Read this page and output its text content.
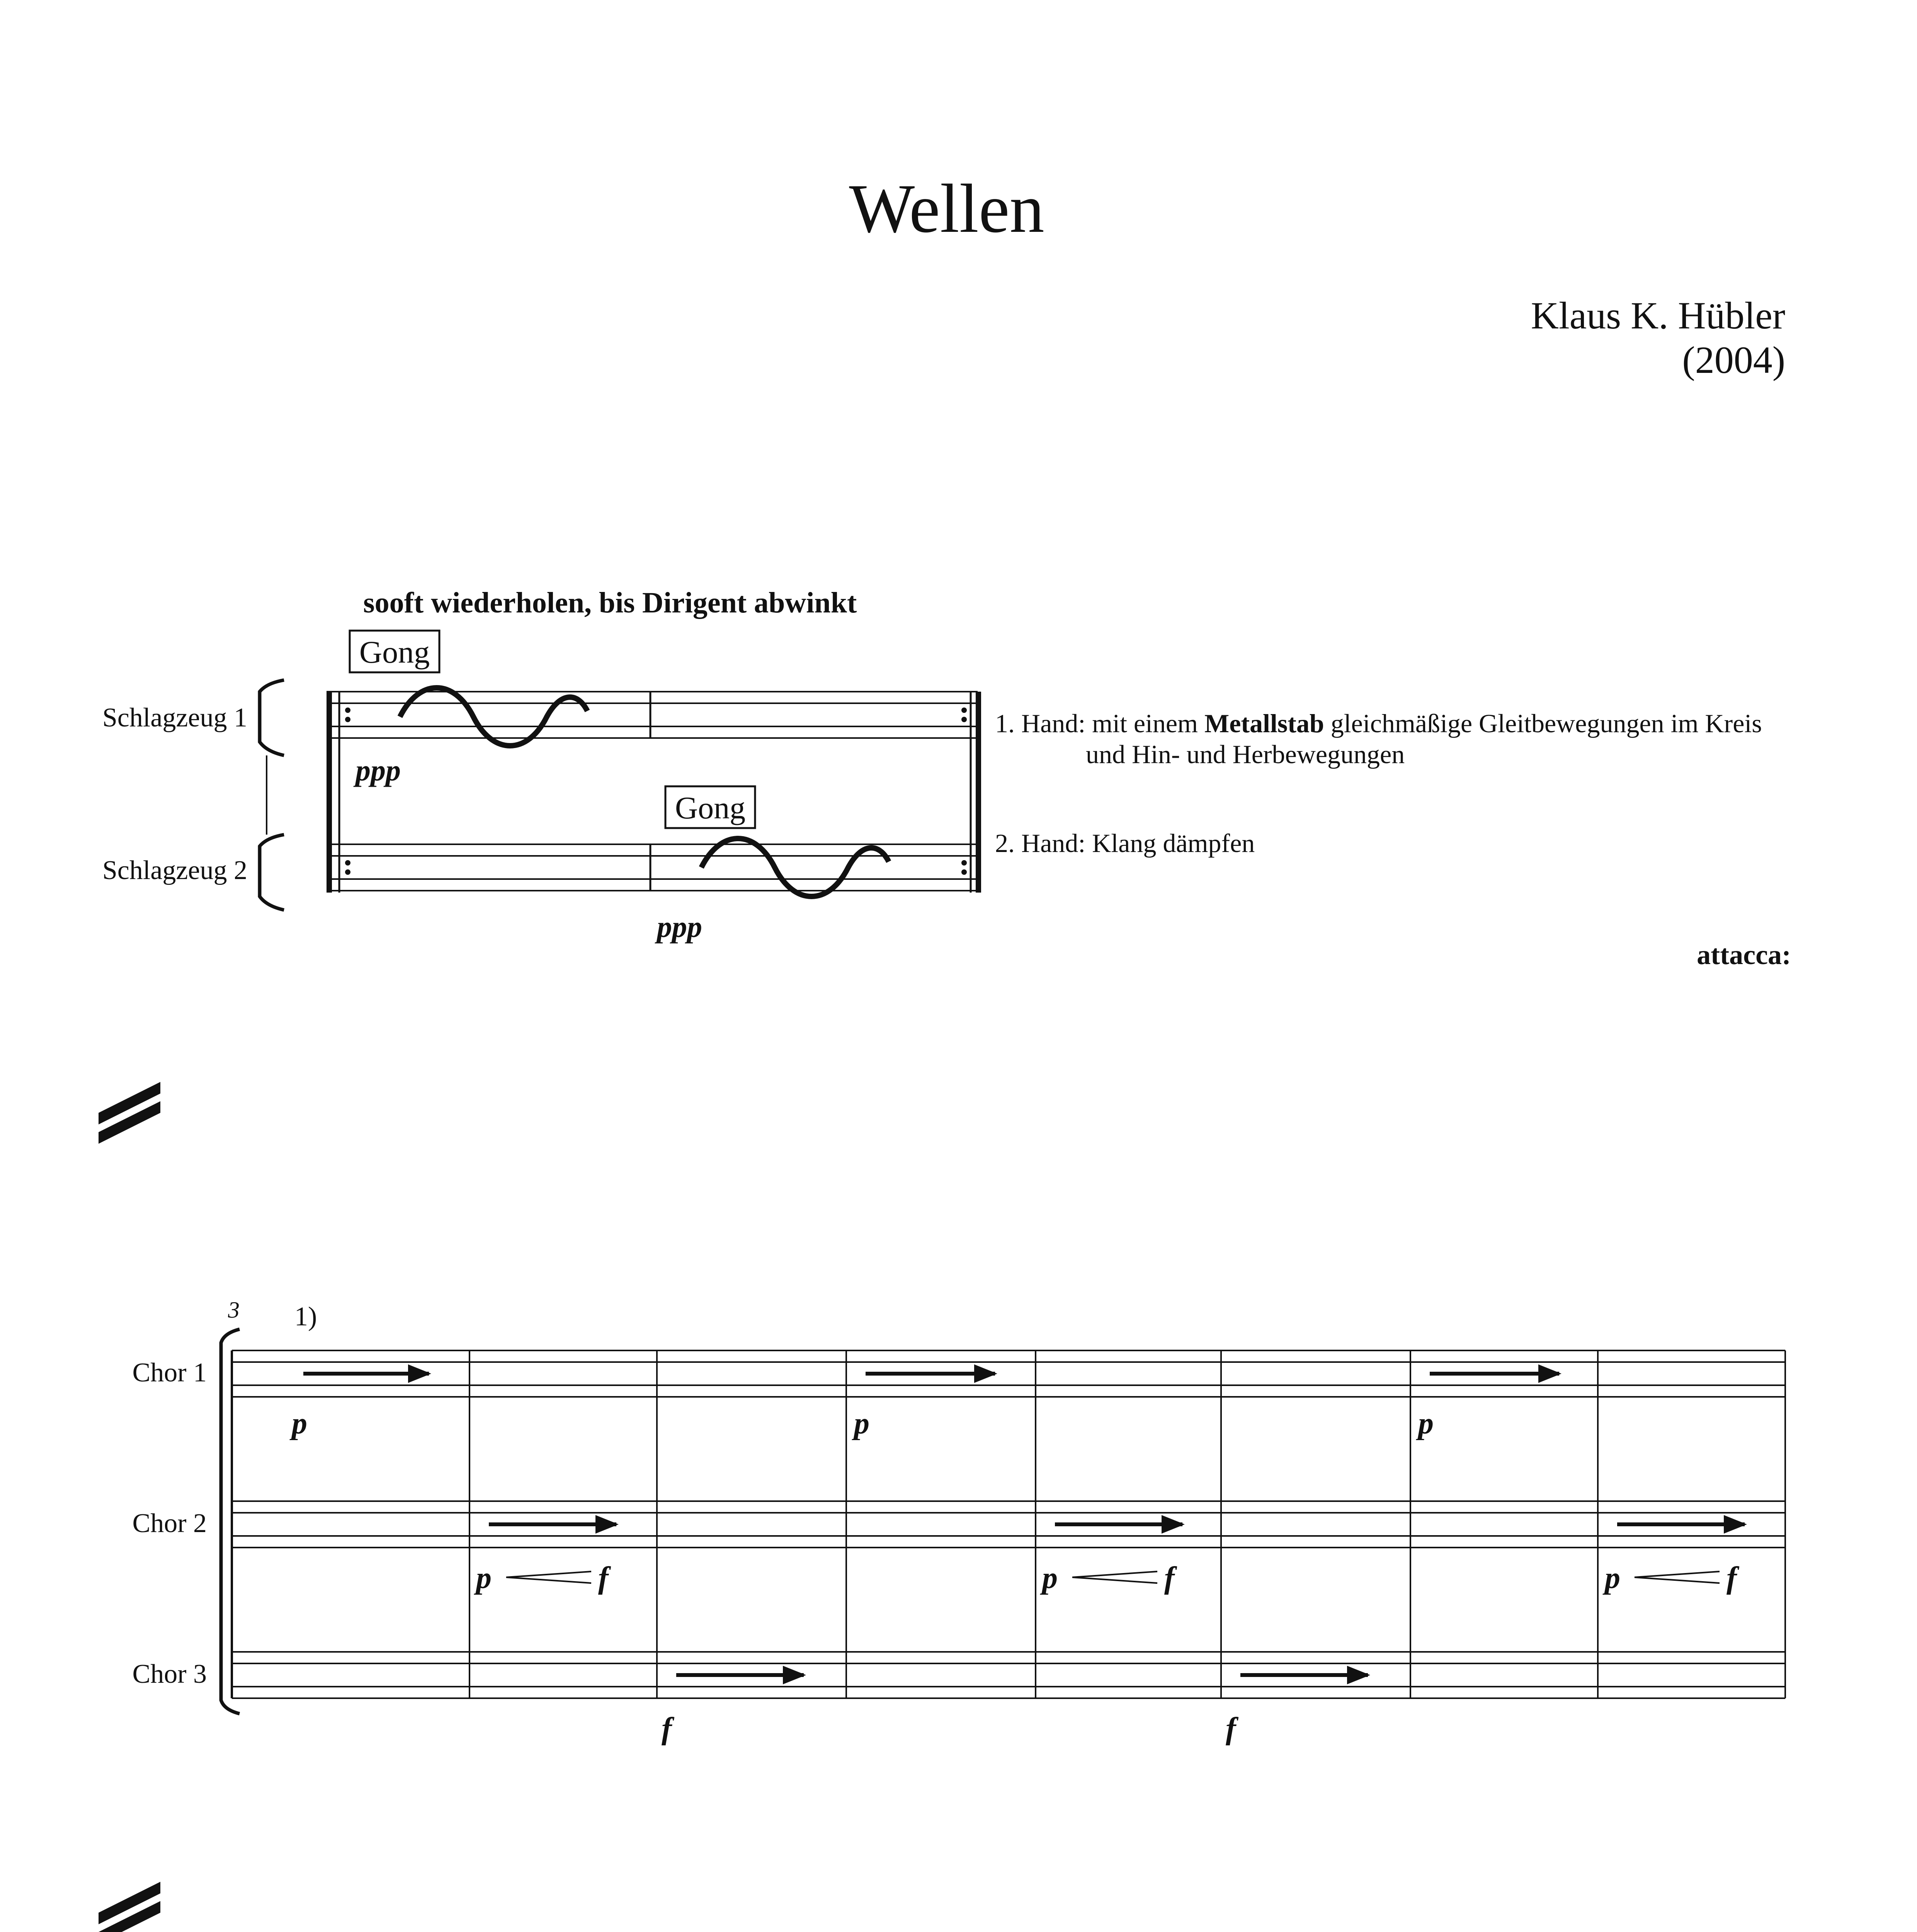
Wellen
Klaus K. Hübler
(2004)
sooft wiederholen, bis Dirigent abwinkt
Gong
Gong
Schlagzeug 1
Schlagzeug 2
ppp
ppp
1. Hand: mit einem Metallstab gleichmäßige Gleitbewegungen im Kreis
und Hin- und Herbewegungen
2. Hand: Klang dämpfen
attacca:
3 1)
Chor 1
Chor 2
Chor 3
p	p	p
p	f	p	f	p	f
f	f
